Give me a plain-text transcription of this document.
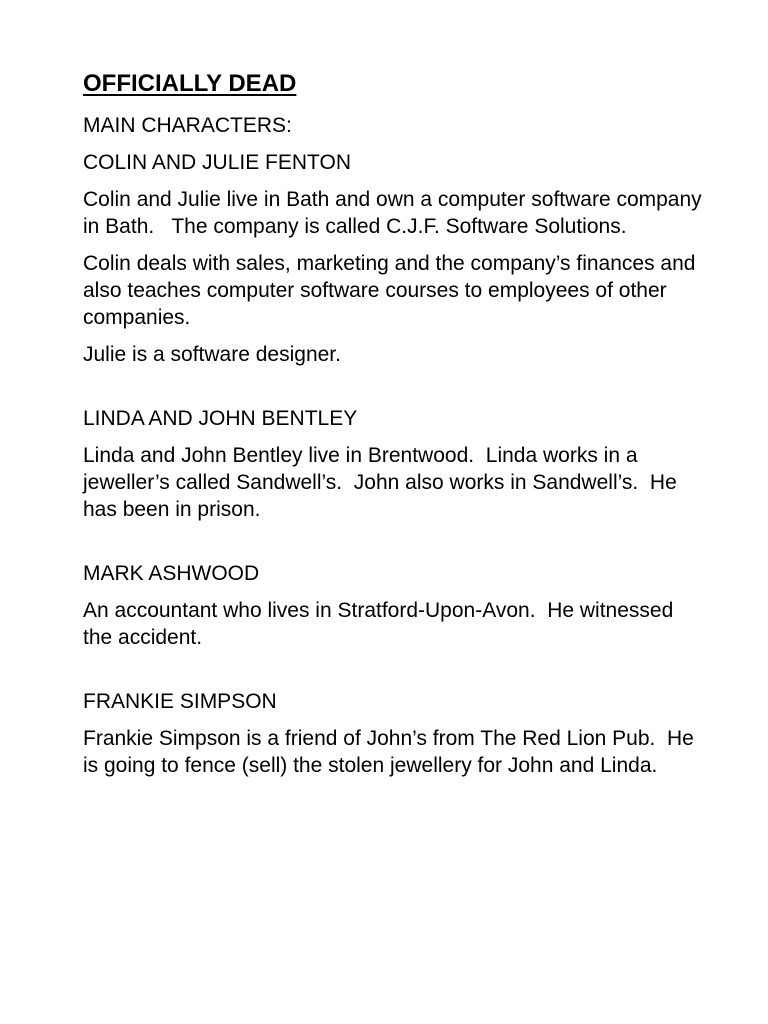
OFFICIALLY DEAD

MAIN CHARACTERS:

COLIN AND JULIE FENTON

Colin and Julie live in Bath and own a computer software company in Bath.   The company is called C.J.F. Software Solutions.

Colin deals with sales, marketing and the company’s finances and also teaches computer software courses to employees of other companies.

Julie is a software designer.

LINDA AND JOHN BENTLEY

Linda and John Bentley live in Brentwood.  Linda works in a jeweller’s called Sandwell’s.  John also works in Sandwell’s.  He has been in prison.

MARK ASHWOOD

An accountant who lives in Stratford-Upon-Avon.  He witnessed the accident.

FRANKIE SIMPSON

Frankie Simpson is a friend of John’s from The Red Lion Pub.  He is going to fence (sell) the stolen jewellery for John and Linda.
